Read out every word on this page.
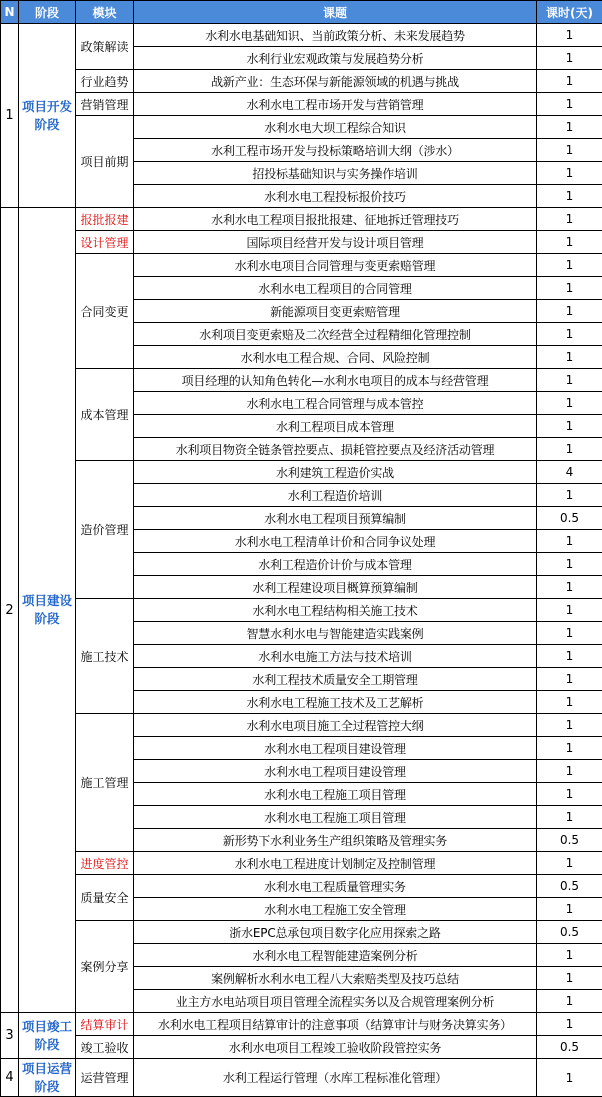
N	阶段	模块	课题	课时(天)
1	项目开发阶段	政策解读	水利水电基础知识、当前政策分析、未来发展趋势	1
			水利行业宏观政策与发展趋势分析	1
		行业趋势	战新产业：生态环保与新能源领域的机遇与挑战	1
		营销管理	水利水电工程市场开发与营销管理	1
		项目前期	水利水电大坝工程综合知识	1
			水利工程市场开发与投标策略培训大纲（涉水）	1
			招投标基础知识与实务操作培训	1
			水利水电工程投标报价技巧	1
2	项目建设阶段	报批报建	水利水电工程项目报批报建、征地拆迁管理技巧	1
		设计管理	国际项目经营开发与设计项目管理	1
		合同变更	水利水电项目合同管理与变更索赔管理	1
			水利水电工程项目的合同管理	1
			新能源项目变更索赔管理	1
			水利项目变更索赔及二次经营全过程精细化管理控制	1
			水利水电工程合规、合同、风险控制	1
		成本管理	项目经理的认知角色转化—水利水电项目的成本与经营管理	1
			水利水电工程合同管理与成本管控	1
			水利工程项目成本管理	1
			水利项目物资全链条管控要点、损耗管控要点及经济活动管理	1
		造价管理	水利建筑工程造价实战	4
			水利工程造价培训	1
			水利水电工程项目预算编制	0.5
			水利水电工程清单计价和合同争议处理	1
			水利工程造价计价与成本管理	1
			水利工程建设项目概算预算编制	1
		施工技术	水利水电工程结构相关施工技术	1
			智慧水利水电与智能建造实践案例	1
			水利水电施工方法与技术培训	1
			水利工程技术质量安全工期管理	1
			水利水电工程施工技术及工艺解析	1
		施工管理	水利水电项目施工全过程管控大纲	1
			水利水电工程项目建设管理	1
			水利水电工程项目建设管理	1
			水利水电工程施工项目管理	1
			水利水电工程施工项目管理	1
			新形势下水利业务生产组织策略及管理实务	0.5
		进度管控	水利水电工程进度计划制定及控制管理	1
		质量安全	水利水电工程质量管理实务	0.5
			水利水电工程施工安全管理	1
		案例分享	浙水EPC总承包项目数字化应用探索之路	0.5
			水利水电工程智能建造案例分析	1
			案例解析水利水电工程八大索赔类型及技巧总结	1
			业主方水电站项目项目管理全流程实务以及合规管理案例分析	1
3	项目竣工阶段	结算审计	水利水电工程项目结算审计的注意事项（结算审计与财务决算实务）	1
		竣工验收	水利水电项目工程竣工验收阶段管控实务	0.5
4	项目运营阶段	运营管理	水利工程运行管理（水库工程标准化管理）	1
